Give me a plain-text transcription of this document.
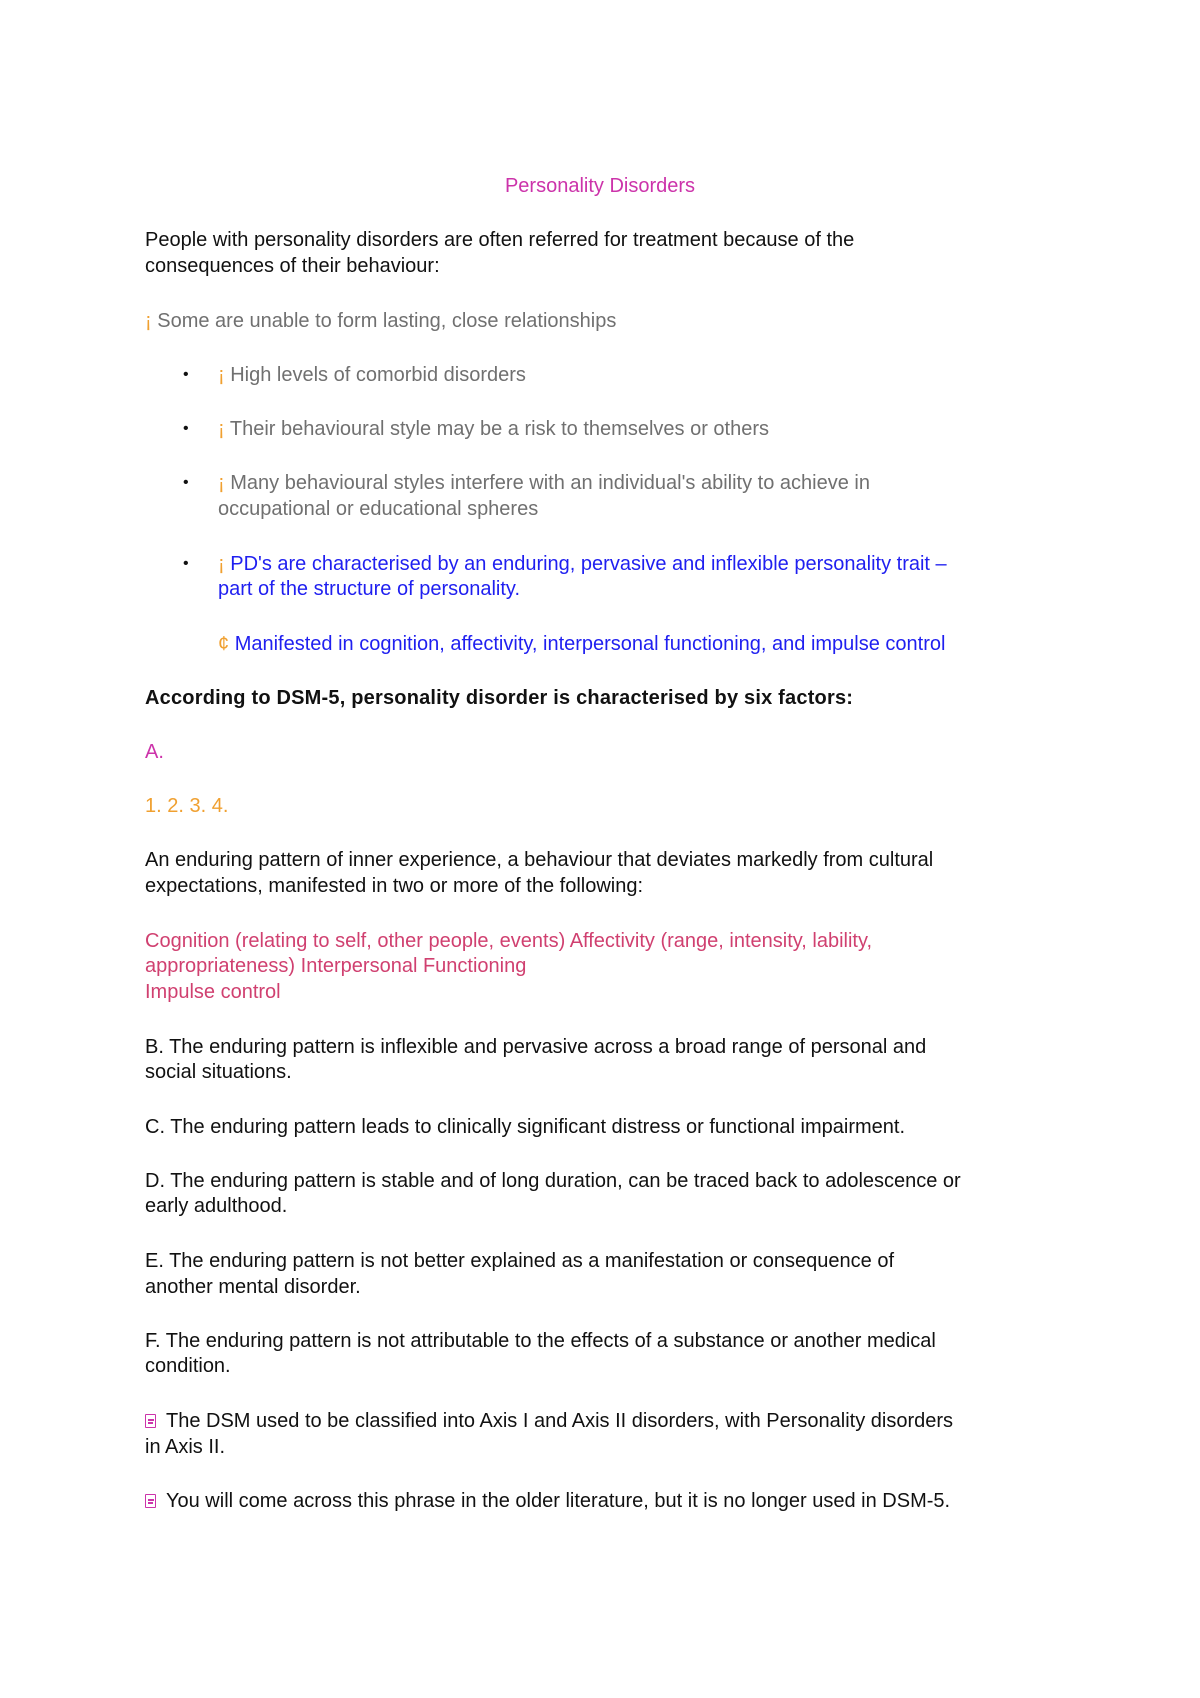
Personality Disorders
People with personality disorders are often referred for treatment because of the
consequences of their behaviour:
¡ Some are unable to form lasting, close relationships
• ¡ High levels of comorbid disorders
• ¡ Their behavioural style may be a risk to themselves or others
• ¡ Many behavioural styles interfere with an individual's ability to achieve in
occupational or educational spheres
• ¡ PD's are characterised by an enduring, pervasive and inflexible personality trait –
part of the structure of personality.
¢ Manifested in cognition, affectivity, interpersonal functioning, and impulse control
According to DSM-5, personality disorder is characterised by six factors:
A.
1. 2. 3. 4.
An enduring pattern of inner experience, a behaviour that deviates markedly from cultural
expectations, manifested in two or more of the following:
Cognition (relating to self, other people, events) Affectivity (range, intensity, lability,
appropriateness) Interpersonal Functioning
Impulse control
B. The enduring pattern is inflexible and pervasive across a broad range of personal and
social situations.
C. The enduring pattern leads to clinically significant distress or functional impairment.
D. The enduring pattern is stable and of long duration, can be traced back to adolescence or
early adulthood.
E. The enduring pattern is not better explained as a manifestation or consequence of
another mental disorder.
F. The enduring pattern is not attributable to the effects of a substance or another medical
condition.
The DSM used to be classified into Axis I and Axis II disorders, with Personality disorders
in Axis II.
You will come across this phrase in the older literature, but it is no longer used in DSM-5.
